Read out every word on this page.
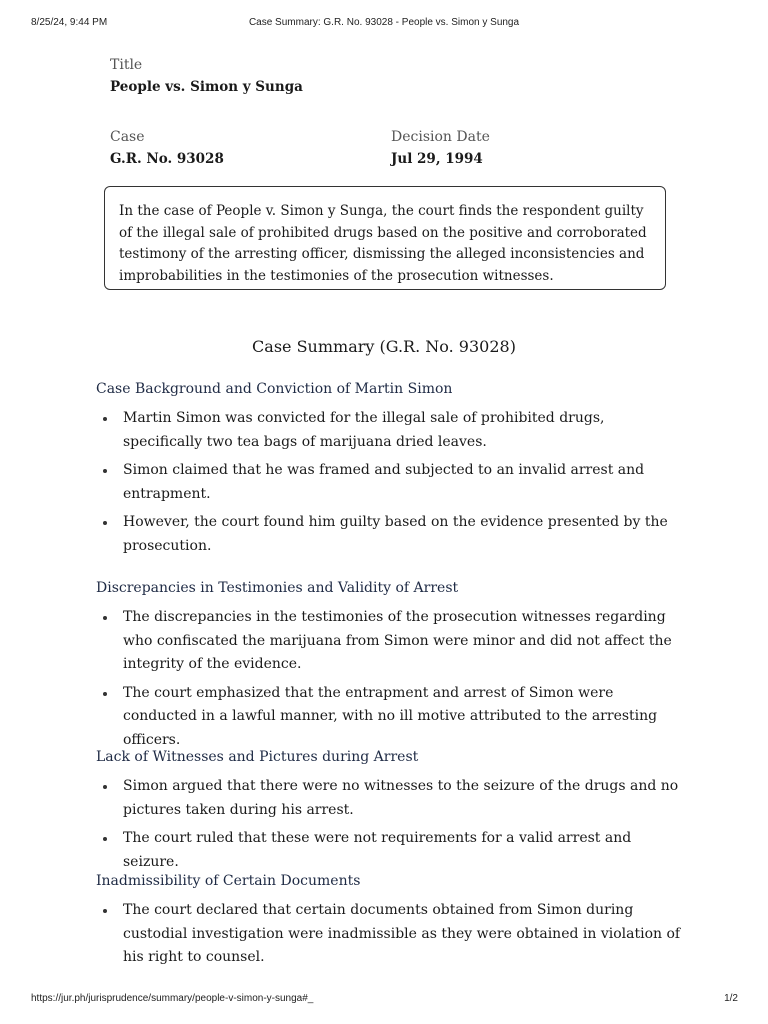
8/25/24, 9:44 PM	Case Summary: G.R. No. 93028 - People vs. Simon y Sunga
Title
People vs. Simon y Sunga
Case
G.R. No. 93028
Decision Date
Jul 29, 1994
In the case of People v. Simon y Sunga, the court finds the respondent guilty of the illegal sale of prohibited drugs based on the positive and corroborated testimony of the arresting officer, dismissing the alleged inconsistencies and improbabilities in the testimonies of the prosecution witnesses.
Case Summary (G.R. No. 93028)
Case Background and Conviction of Martin Simon
Martin Simon was convicted for the illegal sale of prohibited drugs, specifically two tea bags of marijuana dried leaves.
Simon claimed that he was framed and subjected to an invalid arrest and entrapment.
However, the court found him guilty based on the evidence presented by the prosecution.
Discrepancies in Testimonies and Validity of Arrest
The discrepancies in the testimonies of the prosecution witnesses regarding who confiscated the marijuana from Simon were minor and did not affect the integrity of the evidence.
The court emphasized that the entrapment and arrest of Simon were conducted in a lawful manner, with no ill motive attributed to the arresting officers.
Lack of Witnesses and Pictures during Arrest
Simon argued that there were no witnesses to the seizure of the drugs and no pictures taken during his arrest.
The court ruled that these were not requirements for a valid arrest and seizure.
Inadmissibility of Certain Documents
The court declared that certain documents obtained from Simon during custodial investigation were inadmissible as they were obtained in violation of his right to counsel.
https://jur.ph/jurisprudence/summary/people-v-simon-y-sunga#_	1/2
